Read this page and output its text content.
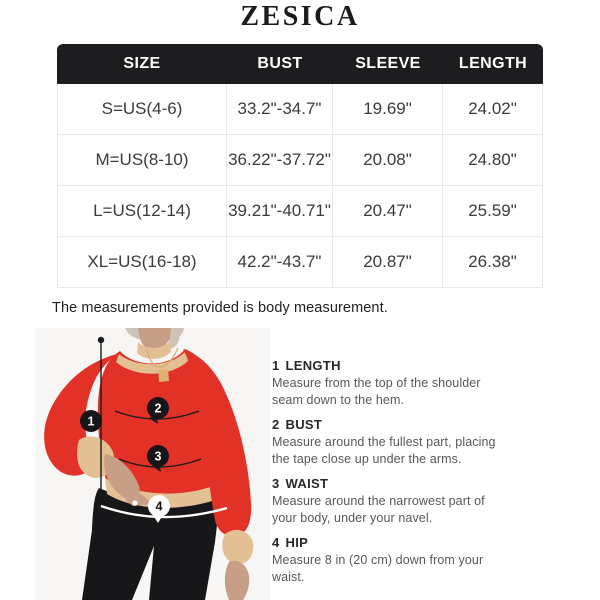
ZESICA
SIZE	BUST	SLEEVE	LENGTH
S=US(4-6)	33.2"-34.7"	19.69"	24.02"
M=US(8-10)	36.22"-37.72"	20.08"	24.80"
L=US(12-14)	39.21"-40.71"	20.47"	25.59"
XL=US(16-18)	42.2"-43.7"	20.87"	26.38"
The measurements provided is body measurement.
1
2
3
4
1 LENGTH
Measure from the top of the shoulder seam down to the hem.
2 BUST
Measure around the fullest part, placing the tape close up under the arms.
3 WAIST
Measure around the narrowest part of your body, under your navel.
4 HIP
Measure 8 in (20 cm) down from your waist.
